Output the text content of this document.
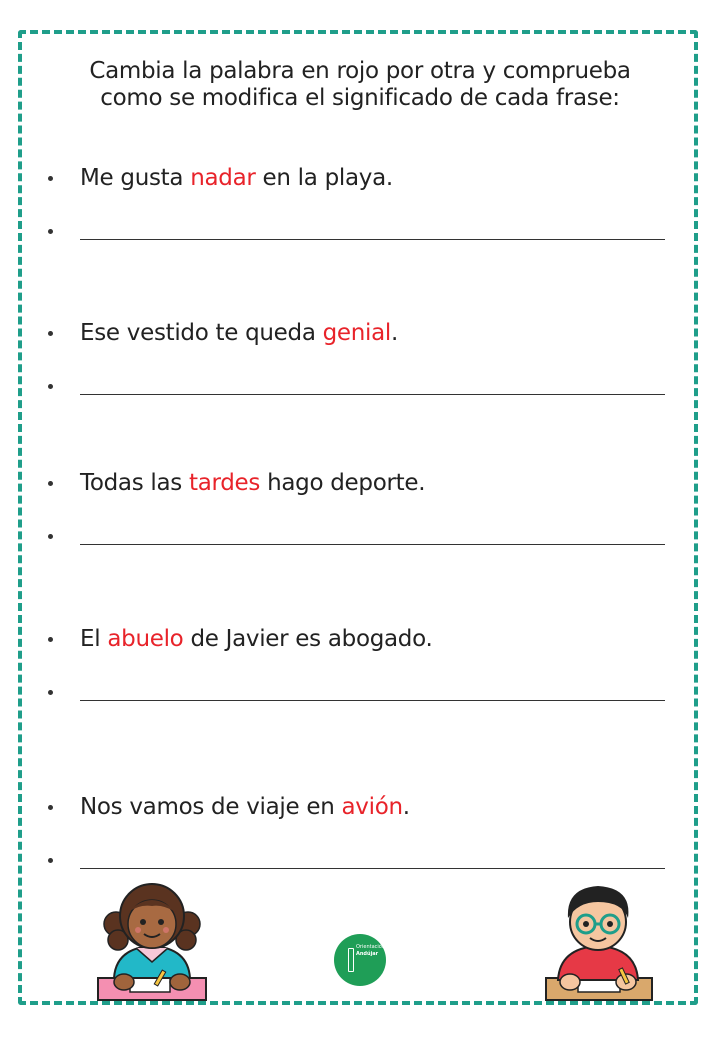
Cambia la palabra en rojo por otra y comprueba
como se modifica el significado de cada frase:
Me gusta nadar en la playa.
Ese vestido te queda genial.
Todas las tardes hago deporte.
El abuelo de Javier es abogado.
Nos vamos de viaje en avión.
Orientación
Andújar
